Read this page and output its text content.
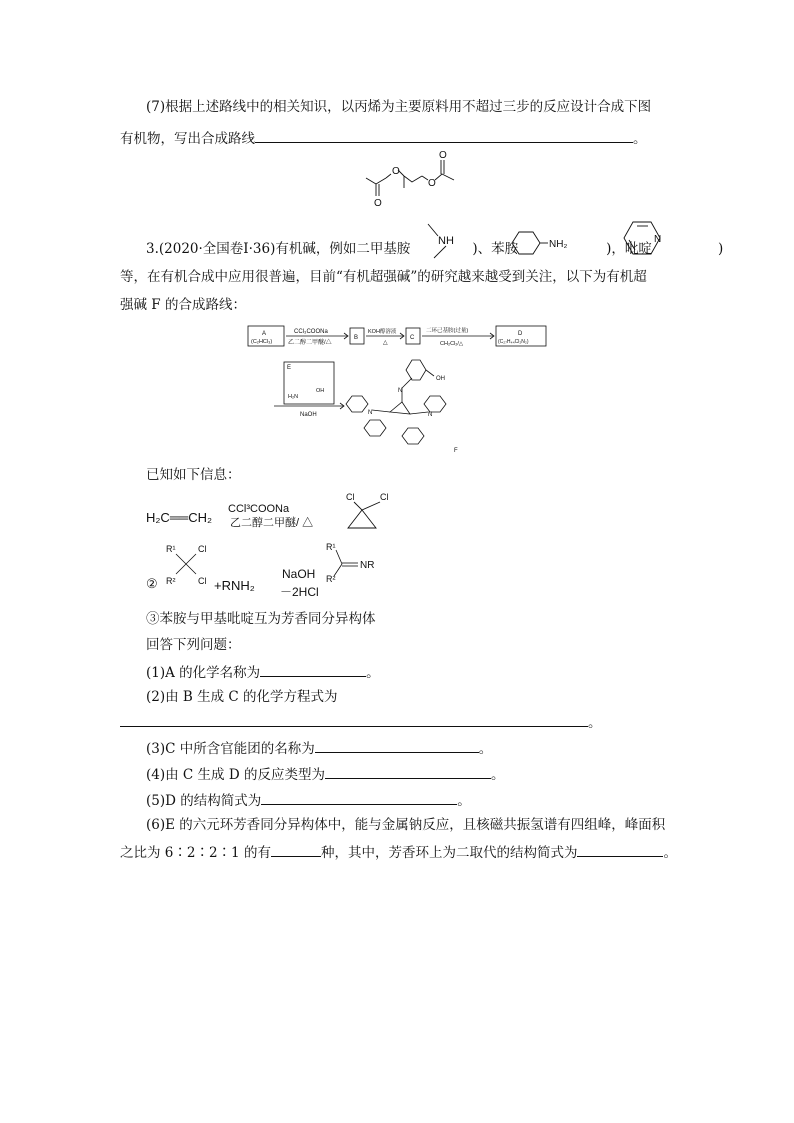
(7)根据上述路线中的相关知识，以丙烯为主要原料用不超过三步的反应设计合成下图
有机物，写出合成路线	。
O
O
O
O
3.(2020·全国卷Ⅰ·36)有机碱，例如二甲基胺	)、苯胺	)，吡啶	)
NH	NH₂	N
等，在有机合成中应用很普遍，目前“有机超强碱”的研究越来越受到关注，以下为有机超
强碱 F 的合成路线：
A
(C₂HCl₃)
CCl₃COONa
乙二醇二甲醚/△
B
KOH醇溶液
△
C
二环己基胺(过量)
CH₂Cl₂/△
D
(C₂₇H₄₄Cl₂N₂)
E
H₂N
OH
NaOH
N
OH
N	N
F
已知如下信息：
H₂C══CH₂
CCl³COONa
乙二醇二甲醚/ △
Cl	Cl
②
R¹	Cl
R²	Cl +RNH₂
NaOH
－2HCl
R¹
R²
NR
③苯胺与甲基吡啶互为芳香同分异构体
回答下列问题：
(1)A 的化学名称为	。
(2)由 B 生成 C 的化学方程式为
。
(3)C 中所含官能团的名称为	。
(4)由 C 生成 D 的反应类型为	。
(5)D 的结构简式为	。
(6)E 的六元环芳香同分异构体中，能与金属钠反应，且核磁共振氢谱有四组峰，峰面积
之比为 6∶2∶2∶1 的有	种，其中，芳香环上为二取代的结构简式为	。
